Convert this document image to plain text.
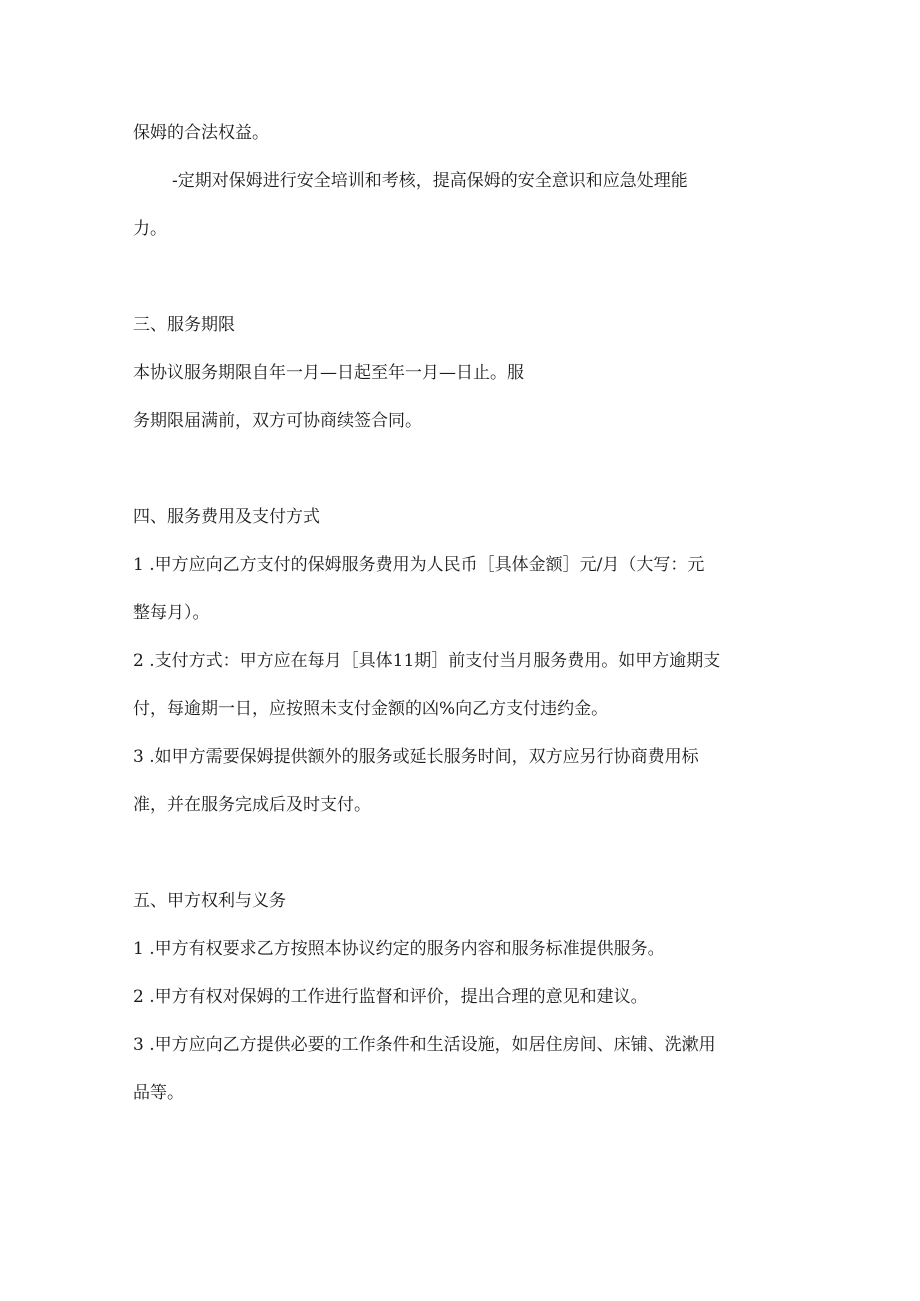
保姆的合法权益。
-定期对保姆进行安全培训和考核，提高保姆的安全意识和应急处理能
力。
三、服务期限
本协议服务期限自年一月—日起至年一月—日止。服
务期限届满前，双方可协商续签合同。
四、服务费用及支付方式
1 .甲方应向乙方支付的保姆服务费用为人民币［具体金额］元/月（大写：元
整每月）。
2 .支付方式：甲方应在每月［具体11期］前支付当月服务费用。如甲方逾期支
付，每逾期一日，应按照未支付金额的凶%向乙方支付违约金。
3 .如甲方需要保姆提供额外的服务或延长服务时间，双方应另行协商费用标
准，并在服务完成后及时支付。
五、甲方权利与义务
1 .甲方有权要求乙方按照本协议约定的服务内容和服务标准提供服务。
2 .甲方有权对保姆的工作进行监督和评价，提出合理的意见和建议。
3 .甲方应向乙方提供必要的工作条件和生活设施，如居住房间、床铺、洗漱用
品等。
